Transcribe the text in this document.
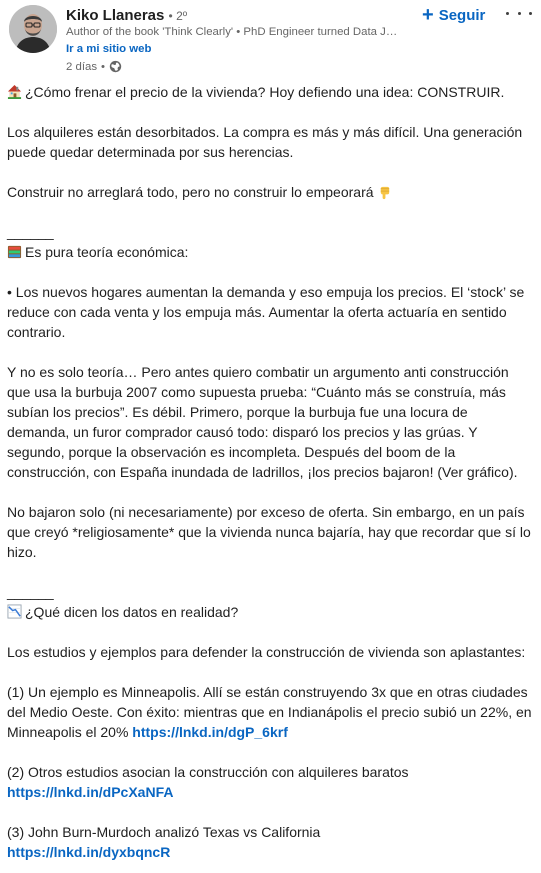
Kiko Llaneras • 2º
Author of the book 'Think Clearly' • PhD Engineer turned Data J…
Ir a mi sitio web
2 días •
+ Seguir

¿Cómo frenar el precio de la vivienda? Hoy defiendo una idea: CONSTRUIR.

Los alquileres están desorbitados. La compra es más y más difícil. Una generación puede quedar determinada por sus herencias.

Construir no arreglará todo, pero no construir lo empeorará

______

Es pura teoría económica:

• Los nuevos hogares aumentan la demanda y eso empuja los precios. El ‘stock’ se reduce con cada venta y los empuja más. Aumentar la oferta actuaría en sentido contrario.

Y no es solo teoría… Pero antes quiero combatir un argumento anti construcción que usa la burbuja 2007 como supuesta prueba: “Cuánto más se construía, más subían los precios”. Es débil. Primero, porque la burbuja fue una locura de demanda, un furor comprador causó todo: disparó los precios y las grúas. Y segundo, porque la observación es incompleta. Después del boom de la construcción, con España inundada de ladrillos, ¡los precios bajaron! (Ver gráfico).

No bajaron solo (ni necesariamente) por exceso de oferta. Sin embargo, en un país que creyó *religiosamente* que la vivienda nunca bajaría, hay que recordar que sí lo hizo.

______

¿Qué dicen los datos en realidad?

Los estudios y ejemplos para defender la construcción de vivienda son aplastantes:

(1) Un ejemplo es Minneapolis. Allí se están construyendo 3x que en otras ciudades del Medio Oeste. Con éxito: mientras que en Indianápolis el precio subió un 22%, en Minneapolis el 20% https://lnkd.in/dgP_6krf

(2) Otros estudios asocian la construcción con alquileres baratos
https://lnkd.in/dPcXaNFA

(3) John Burn-Murdoch analizó Texas vs California
https://lnkd.in/dyxbqncR
